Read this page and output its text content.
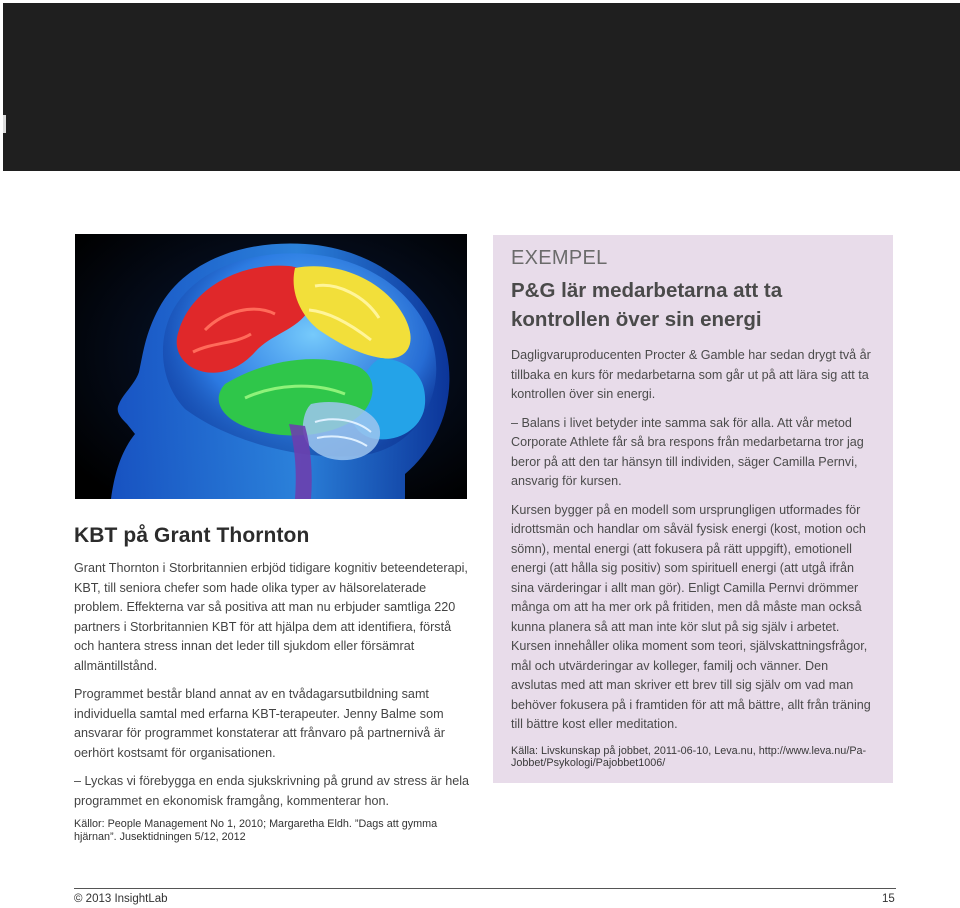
KBT på Grant Thornton

Grant Thornton i Storbritannien erbjöd tidigare kognitiv beteendeterapi, KBT, till seniora chefer som hade olika typer av hälsorelaterade problem. Effekterna var så positiva att man nu erbjuder samtliga 220 partners i Storbritannien KBT för att hjälpa dem att identifiera, förstå och hantera stress innan det leder till sjukdom eller försämrat allmäntillstånd.

Programmet består bland annat av en tvådagarsutbildning samt individuella samtal med erfarna KBT-terapeuter. Jenny Balme som ansvarar för programmet konstaterar att frånvaro på partnernivå är oerhört kostsamt för organisationen.

– Lyckas vi förebygga en enda sjukskrivning på grund av stress är hela programmet en ekonomisk framgång, kommenterar hon.

Källor: People Management No 1, 2010; Margaretha Eldh. ”Dags att gymma hjärnan”. Jusektidningen 5/12, 2012

EXEMPEL
P&G lär medarbetarna att ta kontrollen över sin energi

Dagligvaruproducenten Procter & Gamble har sedan drygt två år tillbaka en kurs för medarbetarna som går ut på att lära sig att ta kontrollen över sin energi.

– Balans i livet betyder inte samma sak för alla. Att vår metod Corporate Athlete får så bra respons från medarbetarna tror jag beror på att den tar hänsyn till individen, säger Camilla Pernvi, ansvarig för kursen.

Kursen bygger på en modell som ursprungligen utformades för idrottsmän och handlar om såväl fysisk energi (kost, motion och sömn), mental energi (att fokusera på rätt uppgift), emotionell energi (att hålla sig positiv) som spirituell energi (att utgå ifrån sina värderingar i allt man gör). Enligt Camilla Pernvi drömmer många om att ha mer ork på fritiden, men då måste man också kunna planera så att man inte kör slut på sig själv i arbetet. Kursen innehåller olika moment som teori, självskattningsfrågor, mål och utvärderingar av kolleger, familj och vänner. Den avslutas med att man skriver ett brev till sig själv om vad man behöver fokusera på i framtiden för att må bättre, allt från träning till bättre kost eller meditation.

Källa: Livskunskap på jobbet, 2011-06-10, Leva.nu, http://www.leva.nu/Pa-Jobbet/Psykologi/Pajobbet1006/

© 2013 InsightLab	15
